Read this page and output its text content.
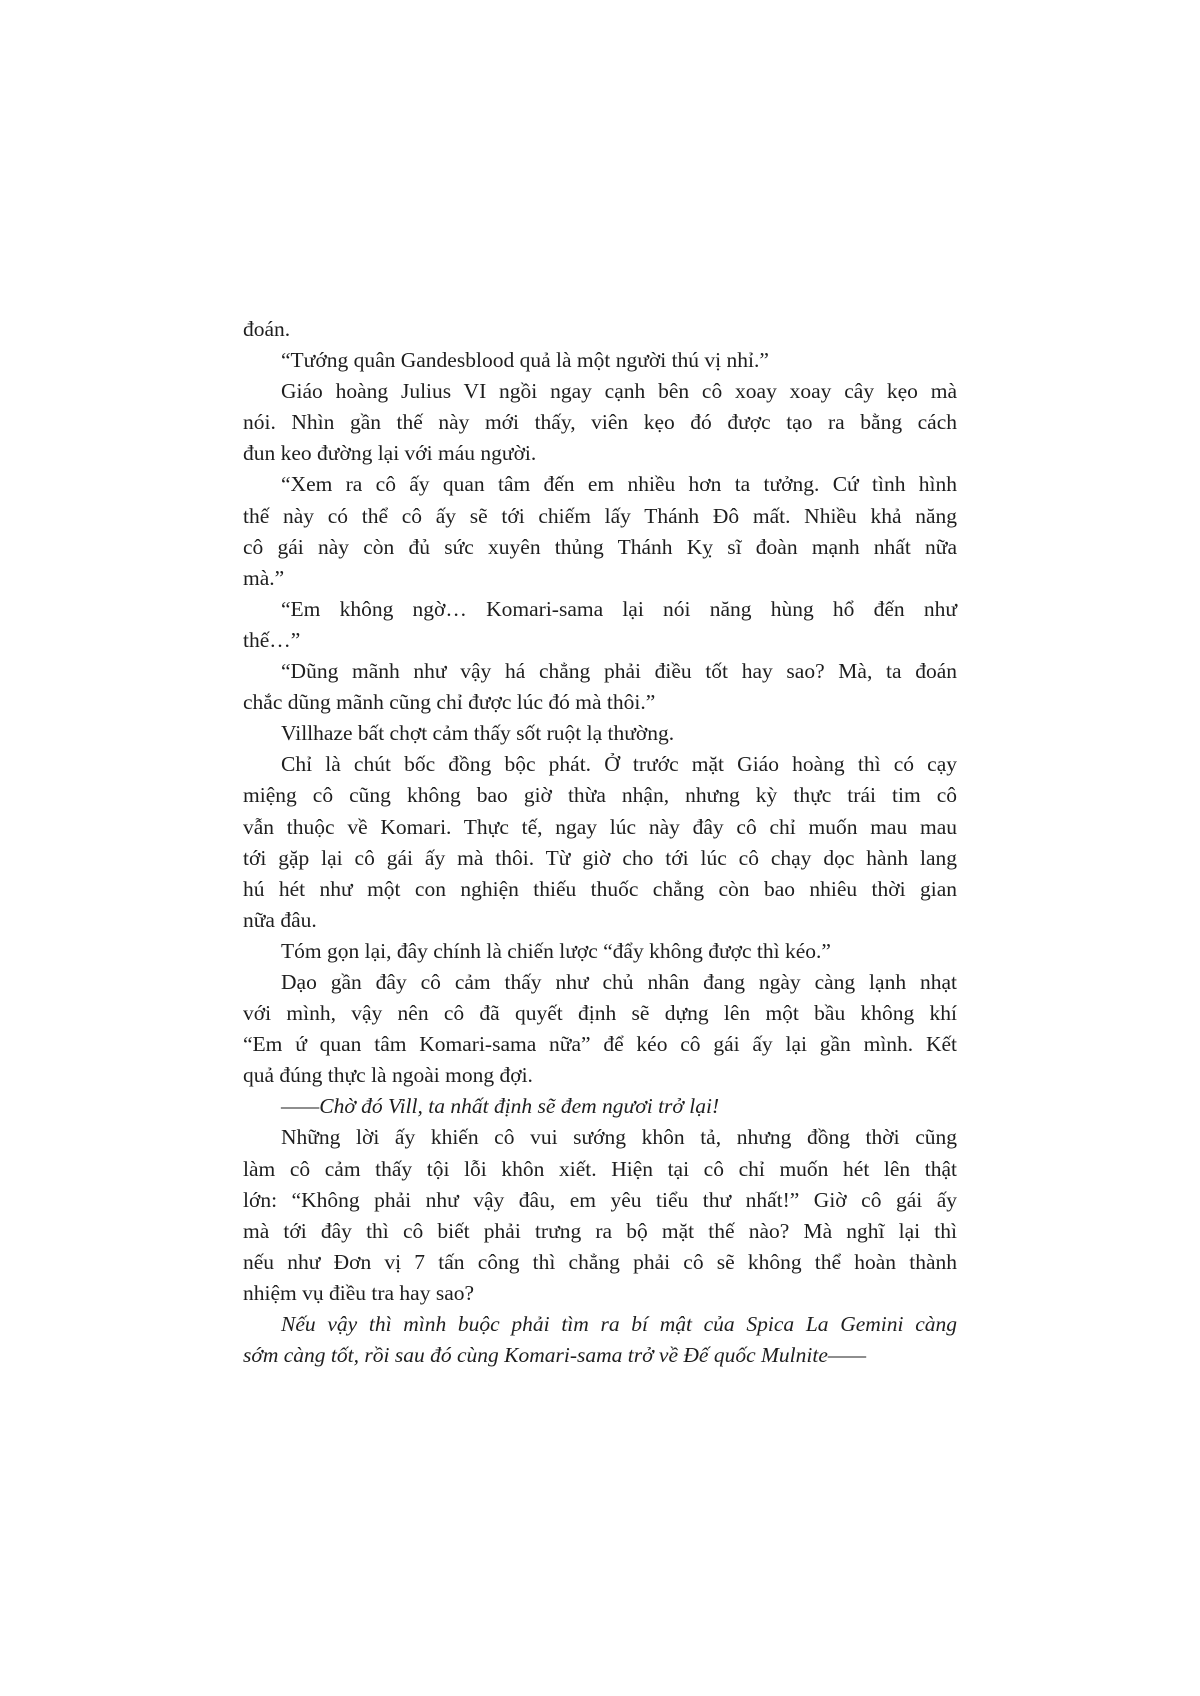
đoán.
“Tướng quân Gandesblood quả là một người thú vị nhỉ.”
Giáo hoàng Julius VI ngồi ngay cạnh bên cô xoay xoay cây kẹo mà
nói. Nhìn gần thế này mới thấy, viên kẹo đó được tạo ra bằng cách
đun keo đường lại với máu người.
“Xem ra cô ấy quan tâm đến em nhiều hơn ta tưởng. Cứ tình hình
thế này có thể cô ấy sẽ tới chiếm lấy Thánh Đô mất. Nhiều khả năng
cô gái này còn đủ sức xuyên thủng Thánh Kỵ sĩ đoàn mạnh nhất nữa
mà.”
“Em không ngờ… Komari-sama lại nói năng hùng hổ đến như
thế…”
“Dũng mãnh như vậy há chẳng phải điều tốt hay sao? Mà, ta đoán
chắc dũng mãnh cũng chỉ được lúc đó mà thôi.”
Villhaze bất chợt cảm thấy sốt ruột lạ thường.
Chỉ là chút bốc đồng bộc phát. Ở trước mặt Giáo hoàng thì có cạy
miệng cô cũng không bao giờ thừa nhận, nhưng kỳ thực trái tim cô
vẫn thuộc về Komari. Thực tế, ngay lúc này đây cô chỉ muốn mau mau
tới gặp lại cô gái ấy mà thôi. Từ giờ cho tới lúc cô chạy dọc hành lang
hú hét như một con nghiện thiếu thuốc chẳng còn bao nhiêu thời gian
nữa đâu.
Tóm gọn lại, đây chính là chiến lược “đẩy không được thì kéo.”
Dạo gần đây cô cảm thấy như chủ nhân đang ngày càng lạnh nhạt
với mình, vậy nên cô đã quyết định sẽ dựng lên một bầu không khí
“Em ứ quan tâm Komari-sama nữa” để kéo cô gái ấy lại gần mình. Kết
quả đúng thực là ngoài mong đợi.
——Chờ đó Vill, ta nhất định sẽ đem ngươi trở lại!
Những lời ấy khiến cô vui sướng khôn tả, nhưng đồng thời cũng
làm cô cảm thấy tội lỗi khôn xiết. Hiện tại cô chỉ muốn hét lên thật
lớn: “Không phải như vậy đâu, em yêu tiểu thư nhất!” Giờ cô gái ấy
mà tới đây thì cô biết phải trưng ra bộ mặt thế nào? Mà nghĩ lại thì
nếu như Đơn vị 7 tấn công thì chẳng phải cô sẽ không thể hoàn thành
nhiệm vụ điều tra hay sao?
Nếu vậy thì mình buộc phải tìm ra bí mật của Spica La Gemini càng
sớm càng tốt, rồi sau đó cùng Komari-sama trở về Đế quốc Mulnite——
